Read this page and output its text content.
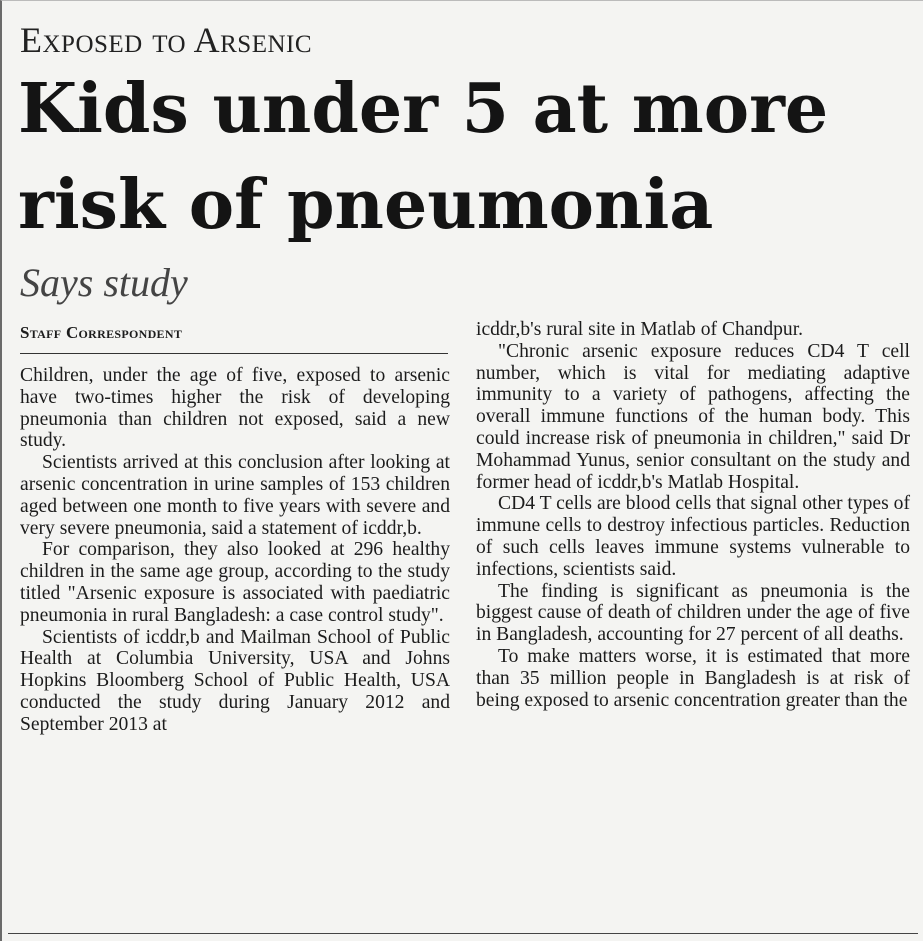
Exposed to Arsenic
Kids under 5 at more risk of pneumonia
Says study
Staff Correspondent

Children, under the age of five, exposed to arsenic have two-times higher the risk of developing pneumonia than children not exposed, said a new study.

Scientists arrived at this conclusion after looking at arsenic concentration in urine samples of 153 children aged between one month to five years with severe and very severe pneumonia, said a statement of icddr,b.

For comparison, they also looked at 296 healthy children in the same age group, according to the study titled "Arsenic exposure is associated with paediatric pneumonia in rural Bangladesh: a case control study".

Scientists of icddr,b and Mailman School of Public Health at Columbia University, USA and Johns Hopkins Bloomberg School of Public Health, USA conducted the study during January 2012 and September 2013 at

icddr,b's rural site in Matlab of Chandpur.

"Chronic arsenic exposure reduces CD4 T cell number, which is vital for mediating adaptive immunity to a variety of pathogens, affecting the overall immune functions of the human body. This could increase risk of pneumonia in children," said Dr Mohammad Yunus, senior consultant on the study and former head of icddr,b's Matlab Hospital.

CD4 T cells are blood cells that signal other types of immune cells to destroy infectious particles. Reduction of such cells leaves immune systems vulnerable to infections, scientists said.

The finding is significant as pneumonia is the biggest cause of death of children under the age of five in Bangladesh, accounting for 27 percent of all deaths.

To make matters worse, it is estimated that more than 35 million people in Bangladesh is at risk of being exposed to arsenic concentration greater than the
